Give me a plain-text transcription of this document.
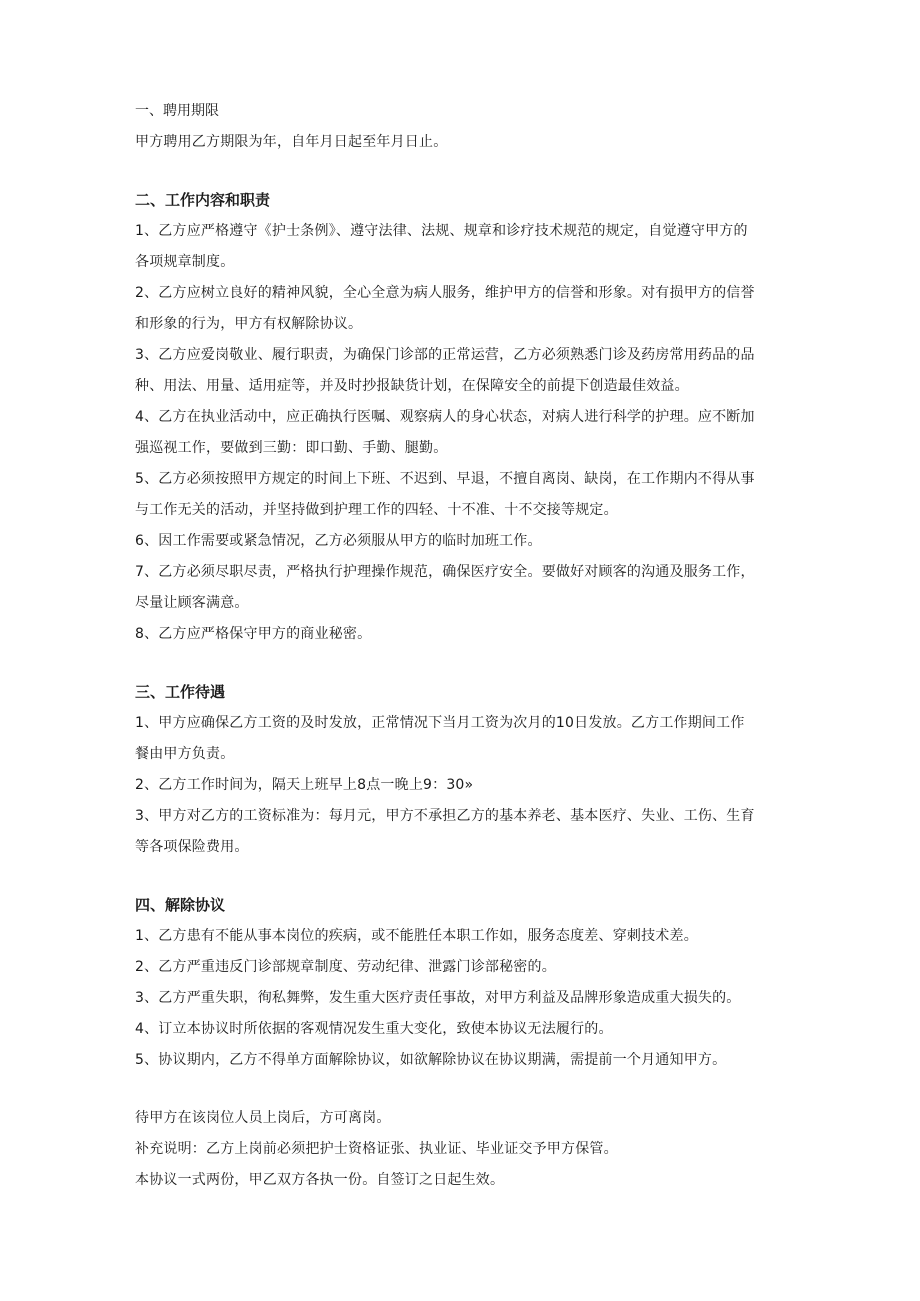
一、聘用期限

甲方聘用乙方期限为年，自年月日起至年月日止。

二、工作内容和职责

1、乙方应严格遵守《护士条例》、遵守法律、法规、规章和诊疗技术规范的规定，自觉遵守甲方的

各项规章制度。

2、乙方应树立良好的精神风貌，全心全意为病人服务，维护甲方的信誉和形象。对有损甲方的信誉

和形象的行为，甲方有权解除协议。

3、乙方应爱岗敬业、履行职责，为确保门诊部的正常运营，乙方必须熟悉门诊及药房常用药品的品

种、用法、用量、适用症等，并及时抄报缺货计划，在保障安全的前提下创造最佳效益。

4、乙方在执业活动中，应正确执行医嘱、观察病人的身心状态，对病人进行科学的护理。应不断加

强巡视工作，要做到三勤：即口勤、手勤、腿勤。

5、乙方必须按照甲方规定的时间上下班、不迟到、早退，不擅自离岗、缺岗，在工作期内不得从事

与工作无关的活动，并坚持做到护理工作的四轻、十不准、十不交接等规定。

6、因工作需要或紧急情况，乙方必须服从甲方的临时加班工作。

7、乙方必须尽职尽责，严格执行护理操作规范，确保医疗安全。要做好对顾客的沟通及服务工作，

尽量让顾客满意。

8、乙方应严格保守甲方的商业秘密。

三、工作待遇

1、甲方应确保乙方工资的及时发放，正常情况下当月工资为次月的10日发放。乙方工作期间工作

餐由甲方负责。

2、乙方工作时间为，隔天上班早上8点一晚上9：30»

3、甲方对乙方的工资标准为：每月元，甲方不承担乙方的基本养老、基本医疗、失业、工伤、生育

等各项保险费用。

四、解除协议

1、乙方患有不能从事本岗位的疾病，或不能胜任本职工作如，服务态度差、穿刺技术差。

2、乙方严重违反门诊部规章制度、劳动纪律、泄露门诊部秘密的。

3、乙方严重失职，徇私舞弊，发生重大医疗责任事故，对甲方利益及品牌形象造成重大损失的。

4、订立本协议时所依据的客观情况发生重大变化，致使本协议无法履行的。

5、协议期内，乙方不得单方面解除协议，如欲解除协议在协议期满，需提前一个月通知甲方。

待甲方在该岗位人员上岗后，方可离岗。

补充说明：乙方上岗前必须把护士资格证张、执业证、毕业证交予甲方保管。

本协议一式两份，甲乙双方各执一份。自签订之日起生效。
